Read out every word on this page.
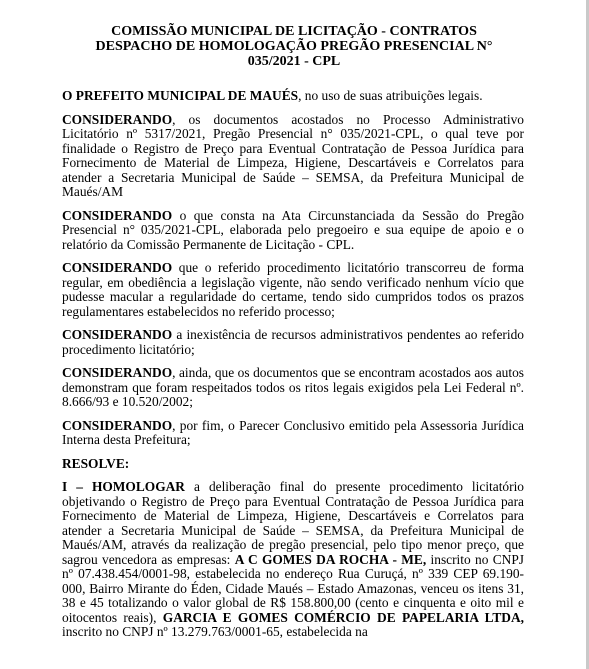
COMISSÃO MUNICIPAL DE LICITAÇÃO - CONTRATOS
DESPACHO DE HOMOLOGAÇÃO PREGÃO PRESENCIAL N°
035/2021 - CPL

O PREFEITO MUNICIPAL DE MAUÉS, no uso de suas atribuições legais.

CONSIDERANDO, os documentos acostados no Processo Administrativo Licitatório nº 5317/2021, Pregão Presencial n° 035/2021-CPL, o qual teve por finalidade o Registro de Preço para Eventual Contratação de Pessoa Jurídica para Fornecimento de Material de Limpeza, Higiene, Descartáveis e Correlatos para atender a Secretaria Municipal de Saúde – SEMSA, da Prefeitura Municipal de Maués/AM

CONSIDERANDO o que consta na Ata Circunstanciada da Sessão do Pregão Presencial n° 035/2021-CPL, elaborada pelo pregoeiro e sua equipe de apoio e o relatório da Comissão Permanente de Licitação - CPL.

CONSIDERANDO que o referido procedimento licitatório transcorreu de forma regular, em obediência a legislação vigente, não sendo verificado nenhum vício que pudesse macular a regularidade do certame, tendo sido cumpridos todos os prazos regulamentares estabelecidos no referido processo;

CONSIDERANDO a inexistência de recursos administrativos pendentes ao referido procedimento licitatório;

CONSIDERANDO, ainda, que os documentos que se encontram acostados aos autos demonstram que foram respeitados todos os ritos legais exigidos pela Lei Federal nº. 8.666/93 e 10.520/2002;

CONSIDERANDO, por fim, o Parecer Conclusivo emitido pela Assessoria Jurídica Interna desta Prefeitura;

RESOLVE:

I – HOMOLOGAR a deliberação final do presente procedimento licitatório objetivando o Registro de Preço para Eventual Contratação de Pessoa Jurídica para Fornecimento de Material de Limpeza, Higiene, Descartáveis e Correlatos para atender a Secretaria Municipal de Saúde – SEMSA, da Prefeitura Municipal de Maués/AM, através da realização de pregão presencial, pelo tipo menor preço, que sagrou vencedora as empresas: A C GOMES DA ROCHA - ME, inscrito no CNPJ nº 07.438.454/0001-98, estabelecida no endereço Rua Curuçá, nº 339 CEP 69.190-000, Bairro Mirante do Éden, Cidade Maués – Estado Amazonas, venceu os itens 31, 38 e 45 totalizando o valor global de R$ 158.800,00 (cento e cinquenta e oito mil e oitocentos reais), GARCIA E GOMES COMÉRCIO DE PAPELARIA LTDA, inscrito no CNPJ nº 13.279.763/0001-65, estabelecida na
